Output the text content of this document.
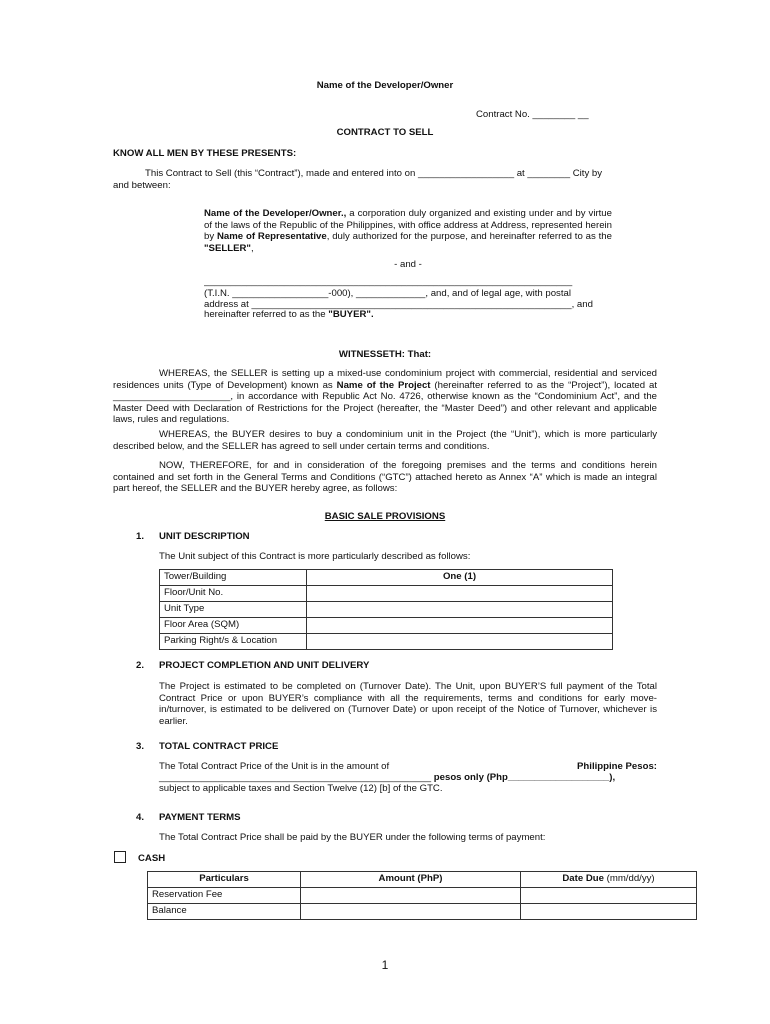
Name of the Developer/Owner
Contract No. ________ __
CONTRACT TO SELL
KNOW ALL MEN BY THESE PRESENTS:
This Contract to Sell (this “Contract”), made and entered into on __________________ at ________ City by
and between:
Name of the Developer/Owner., a corporation duly organized and existing under and by virtue of the laws of the Republic of the Philippines, with office address at Address, represented herein by Name of Representative, duly authorized for the purpose, and hereinafter referred to as the "SELLER",
- and -
_____________________________________________________________________
(T.I.N. __________________-000), _____________, and, and of legal age, with postal
address at ____________________________________________________________, and
hereinafter referred to as the "BUYER".
WITNESSETH: That:
WHEREAS, the SELLER is setting up a mixed-use condominium project with commercial, residential and serviced residences units (Type of Development) known as Name of the Project (hereinafter referred to as the “Project”), located at ______________________, in accordance with Republic Act No. 4726, otherwise known as the “Condominium Act”, and the Master Deed with Declaration of Restrictions for the Project (hereafter, the “Master Deed”) and other relevant and applicable laws, rules and regulations.
WHEREAS, the BUYER desires to buy a condominium unit in the Project (the “Unit”), which is more particularly described below, and the SELLER has agreed to sell under certain terms and conditions.
NOW, THEREFORE, for and in consideration of the foregoing premises and the terms and conditions herein contained and set forth in the General Terms and Conditions (“GTC”) attached hereto as Annex “A” which is made an integral part hereof, the SELLER and the BUYER hereby agree, as follows:
BASIC SALE PROVISIONS
1. UNIT DESCRIPTION
The Unit subject of this Contract is more particularly described as follows:
Tower/Building	One (1)
Floor/Unit No.	
Unit Type	
Floor Area (SQM)	
Parking Right/s & Location	
2. PROJECT COMPLETION AND UNIT DELIVERY
The Project is estimated to be completed on (Turnover Date). The Unit, upon BUYER’S full payment of the Total Contract Price or upon BUYER’s compliance with all the requirements, terms and conditions for early move-in/turnover, is estimated to be delivered on (Turnover Date) or upon receipt of the Notice of Turnover, whichever is earlier.
3. TOTAL CONTRACT PRICE
The Total Contract Price of the Unit is in the amount of	Philippine Pesos:
___________________________________________________ pesos only (Php___________________),
subject to applicable taxes and Section Twelve (12) [b] of the GTC.
4. PAYMENT TERMS
The Total Contract Price shall be paid by the BUYER under the following terms of payment:
CASH
Particulars	Amount (PhP)	Date Due (mm/dd/yy)
Reservation Fee		
Balance		
1
